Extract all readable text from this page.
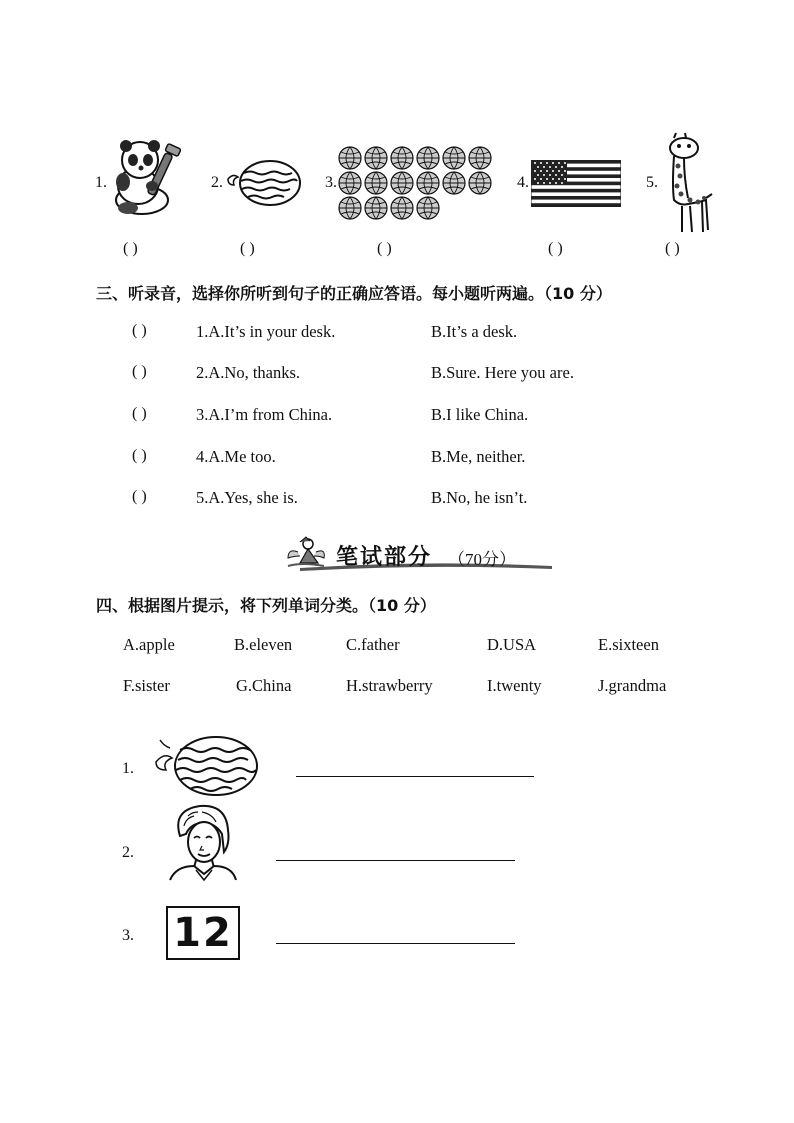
1.
( )
2.
( )
3.
( )
4.
( )
5.
( )
三、听录音，选择你所听到句子的正确应答语。每小题听两遍。（10 分）
( )	1.A.It’s in your desk.	B.It’s a desk.
( )	2.A.No, thanks.	B.Sure. Here you are.
( )	3.A.I’m from China.	B.I like China.
( )	4.A.Me too.	B.Me, neither.
( )	5.A.Yes, she is.	B.No, he isn’t.
笔试部分 （70分）
四、根据图片提示，将下列单词分类。（10 分）
A.apple	B.eleven	C.father	D.USA	E.sixteen
F.sister	G.China	H.strawberry	I.twenty	J.grandma
1.
2.
3. 12
